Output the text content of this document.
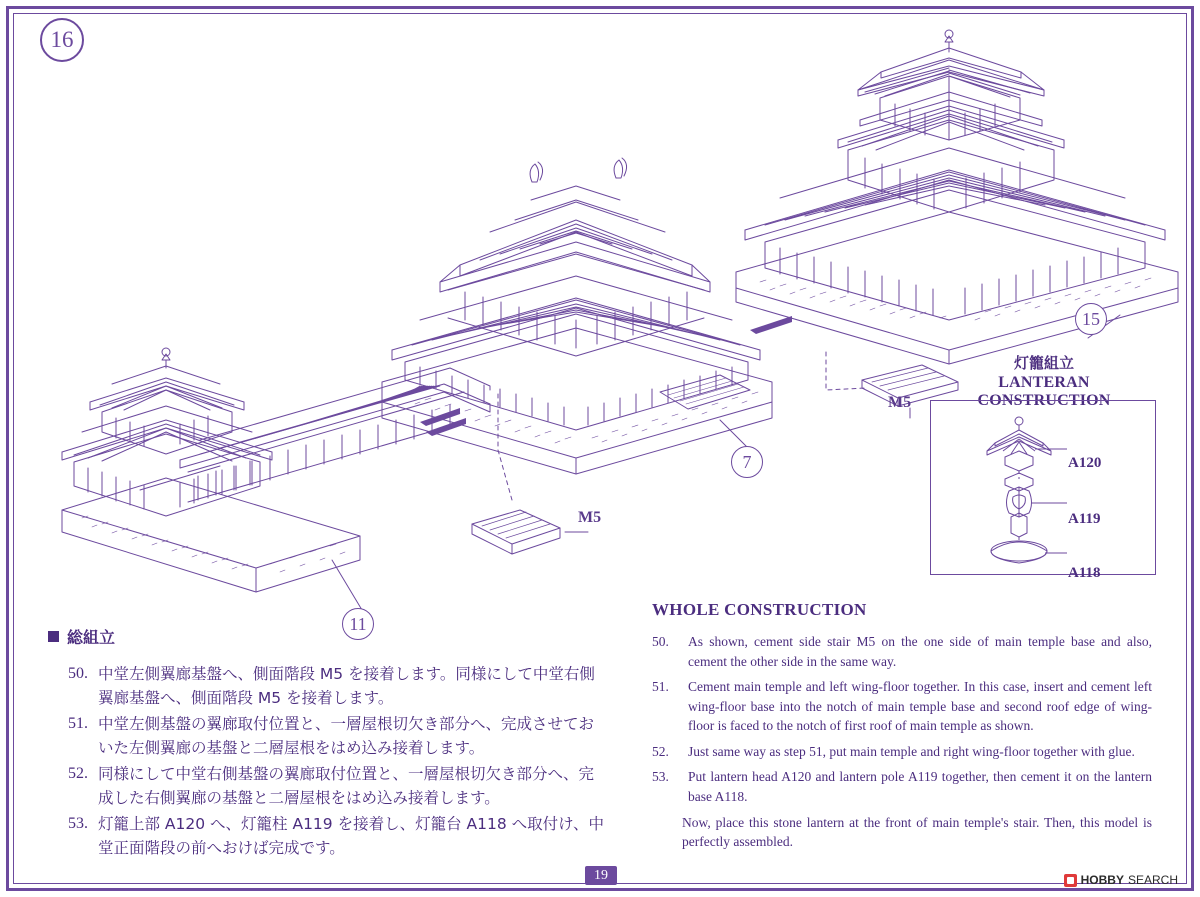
16
15
7
11
M5
M5
灯籠組立
LANTERAN CONSTRUCTION
A120
A119
A118
総組立
50. 中堂左側翼廊基盤へ、側面階段 M5 を接着します。同様にして中堂右側翼廊基盤へ、側面階段 M5 を接着します。
51. 中堂左側基盤の翼廊取付位置と、一層屋根切欠き部分へ、完成させておいた左側翼廊の基盤と二層屋根をはめ込み接着します。
52. 同様にして中堂右側基盤の翼廊取付位置と、一層屋根切欠き部分へ、完成した右側翼廊の基盤と二層屋根をはめ込み接着します。
53. 灯籠上部 A120 へ、灯籠柱 A119 を接着し、灯籠台 A118 へ取付け、中堂正面階段の前へおけば完成です。
WHOLE CONSTRUCTION
50.	As shown, cement side stair M5 on the one side of main temple base and also, cement the other side in the same way.
51.	Cement main temple and left wing-floor together. In this case, insert and cement left wing-floor base into the notch of main temple base and second roof edge of wing-floor is faced to the notch of first roof of main temple as shown.
52.	Just same way as step 51, put main temple and right wing-floor together with glue.
53.	Put lantern head A120 and lantern pole A119 together, then cement it on the lantern base A118.
Now, place this stone lantern at the front of main temple's stair. Then, this model is perfectly assembled.
19	HOBBY SEARCH
